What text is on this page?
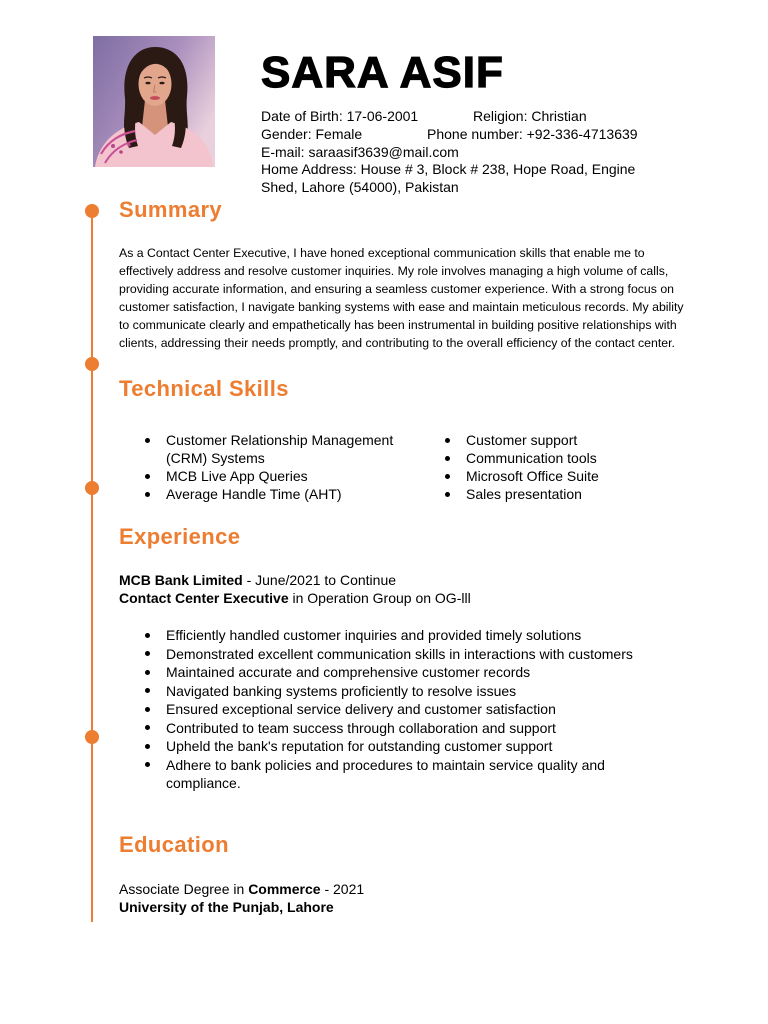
SARA ASIF
Date of Birth: 17-06-2001	Religion: Christian
Gender: Female	Phone number: +92-336-4713639
E-mail: saraasif3639@mail.com
Home Address: House # 3, Block # 238, Hope Road, Engine Shed, Lahore (54000), Pakistan
Summary
As a Contact Center Executive, I have honed exceptional communication skills that enable me to
effectively address and resolve customer inquiries. My role involves managing a high volume of calls,
providing accurate information, and ensuring a seamless customer experience. With a strong focus on
customer satisfaction, I navigate banking systems with ease and maintain meticulous records. My ability
to communicate clearly and empathetically has been instrumental in building positive relationships with
clients, addressing their needs promptly, and contributing to the overall efficiency of the contact center.
Technical Skills
Customer Relationship Management (CRM) Systems
MCB Live App Queries
Average Handle Time (AHT)
Customer support
Communication tools
Microsoft Office Suite
Sales presentation
Experience
MCB Bank Limited - June/2021 to Continue
Contact Center Executive in Operation Group on OG-lll
Efficiently handled customer inquiries and provided timely solutions
Demonstrated excellent communication skills in interactions with customers
Maintained accurate and comprehensive customer records
Navigated banking systems proficiently to resolve issues
Ensured exceptional service delivery and customer satisfaction
Contributed to team success through collaboration and support
Upheld the bank's reputation for outstanding customer support
Adhere to bank policies and procedures to maintain service quality and compliance.
Education
Associate Degree in Commerce - 2021
University of the Punjab, Lahore
